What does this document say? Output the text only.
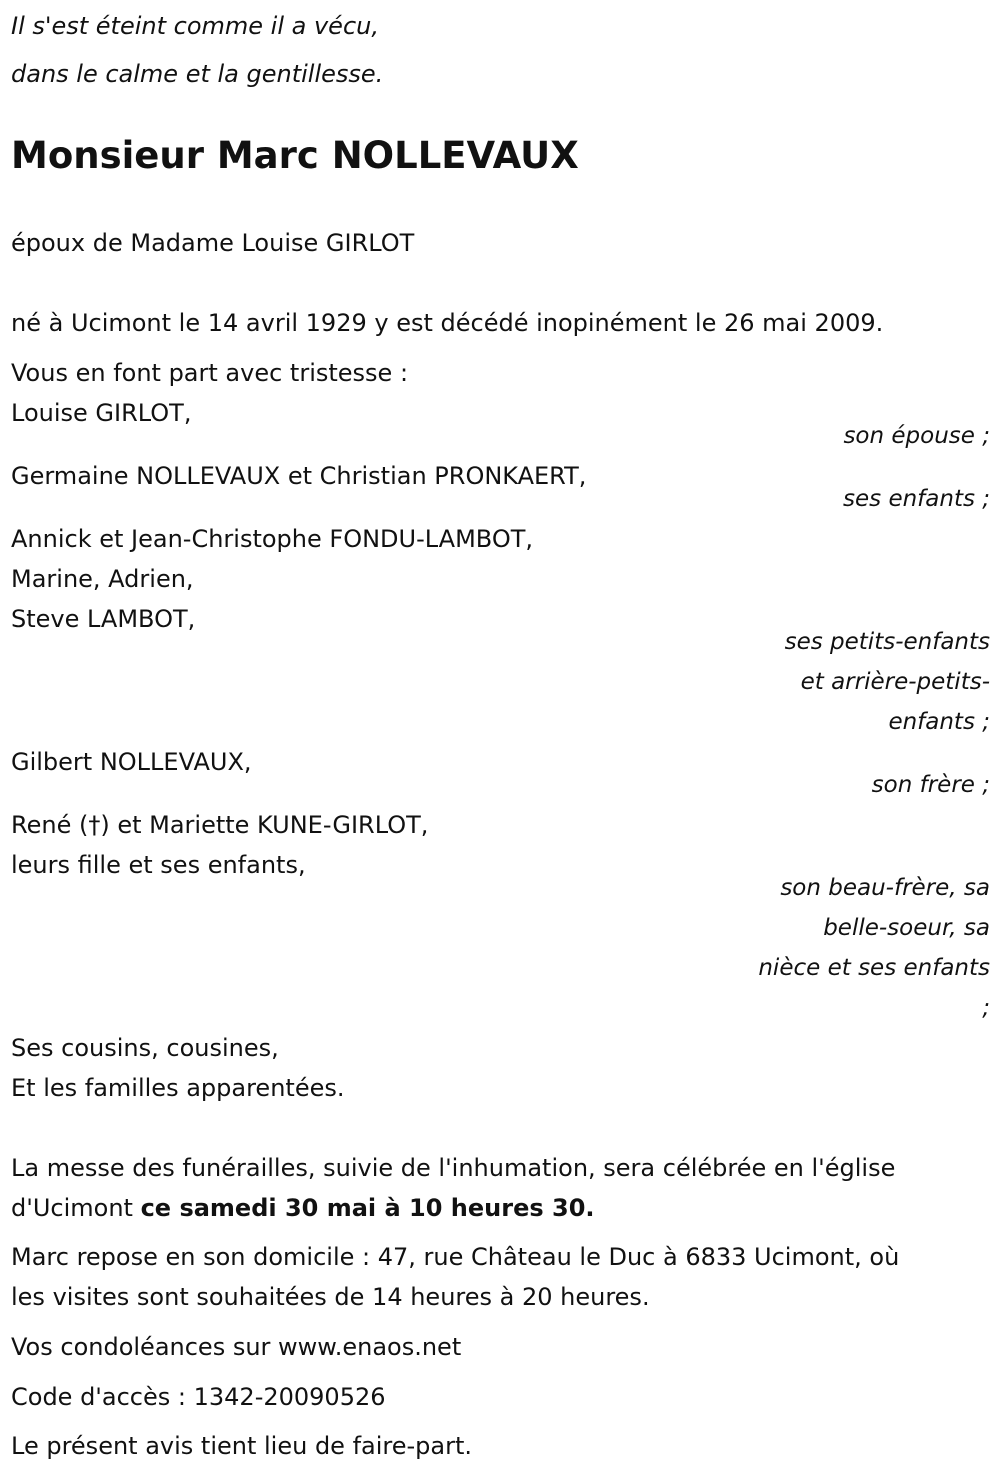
Il s'est éteint comme il a vécu,
dans le calme et la gentillesse.
Monsieur Marc NOLLEVAUX
époux de Madame Louise GIRLOT
né à Ucimont le 14 avril 1929 y est décédé inopinément le 26 mai 2009.
Vous en font part avec tristesse :
Louise GIRLOT,
son épouse ;
Germaine NOLLEVAUX et Christian PRONKAERT,
ses enfants ;
Annick et Jean-Christophe FONDU-LAMBOT,
Marine, Adrien,
Steve LAMBOT,
ses petits-enfants
et arrière-petits-
enfants ;
Gilbert NOLLEVAUX,
son frère ;
René (†) et Mariette KUNE-GIRLOT,
leurs fille et ses enfants,
son beau-frère, sa
belle-soeur, sa
nièce et ses enfants
;
Ses cousins, cousines,
Et les familles apparentées.
La messe des funérailles, suivie de l'inhumation, sera célébrée en l'église
d'Ucimont ce samedi 30 mai à 10 heures 30.
Marc repose en son domicile : 47, rue Château le Duc à 6833 Ucimont, où
les visites sont souhaitées de 14 heures à 20 heures.
Vos condoléances sur www.enaos.net
Code d'accès : 1342-20090526
Le présent avis tient lieu de faire-part.
